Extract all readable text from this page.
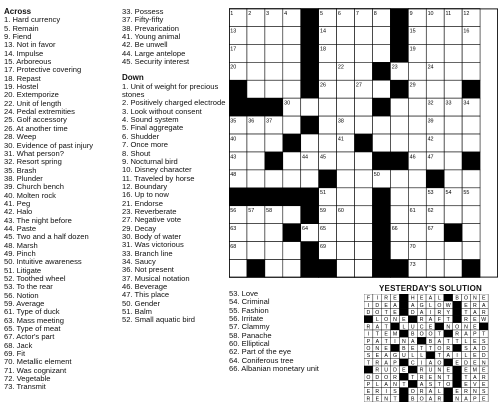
Across
1. Hard currency
5. Remain
9. Fiend
13. Not in favor
14. Impulse
15. Arboreous
17. Protective covering
18. Repast
19. Hostel
20. Extemporize
22. Unit of length
24. Pedal extremities
25. Golf accessory
26. At another time
28. Weep
30. Evidence of past injury
31. What person?
32. Resort spring
35. Brash
38. Plunder
39. Church bench
40. Molten rock
41. Peg
42. Halo
43. The night before
44. Paste
45. Two and a half dozen
48. Marsh
49. Pinch
50. Intuitive awareness
51. Litigate
52. Toothed wheel
53. To the rear
56. Notion
59. Average
61. Type of duck
63. Mass meeting
65. Type of meat
67. Actor's part
68. Jack
69. Fit
70. Metallic element
71. Was cognizant
72. Vegetable
73. Transmit
33. Possess
37. Fifty-fifty
38. Prevarication
41. Young animal
42. Be unwell
44. Large antelope
45. Security interest
Down
1. Unit of weight for precious stones
2. Positively charged electrode
3. Look without consent
4. Sound system
5. Final aggregate
6. Shudder
7. Once more
8. Shout
9. Nocturnal bird
10. Disney character
11. Traveled by horse
12. Boundary
16. Up to now
21. Endorse
23. Reverberate
27. Negative vote
29. Decay
30. Body of water
31. Was victorious
33. Branch line
34. Saucy
36. Not present
37. Musical notation
46. Beverage
47. This place
50. Gender
51. Balm
52. Small aquatic bird
53. Love
54. Criminal
55. Fashion
56. Irritate
57. Clammy
58. Panache
60. Elliptical
62. Part of the eye
64. Coniferous tree
66. Albanian monetary unit
1	2	3	4	5	6	7	8	9	10 11 12
13	14	15	16
17	18	19
20	21	22	23	24
25	26	27	28 29
30	31	32 33 34
35 36 37	38	39
40	41	42
43	44 45	46 47
48	50
51	52	53 54 55
56 57 58	59 60	61 62
63	64 65	66	67
68	69	70
71	72	73
YESTERDAY'S SOLUTION
F I R E	H E A L	B O N E
I D E A	A G L O W	E R A
D O T E	D A I R Y	T A R
L O N E	R A F T	R E W
R A T	L U C E	N O N E
I T E M	B O O T	R A P T
P A T I N A	B A T T L E S
O N E	B E T T O R	S A D
S E A G U L L	T A I L E D
T R A P	C I A O	E D E N
R U D E	R U N E	E M E
O D O R	T R E N T	T A R
P L A N T	A S T O	E V E
E R I S	O R A L	E R N S
R E N T	B O A R	N A P E
